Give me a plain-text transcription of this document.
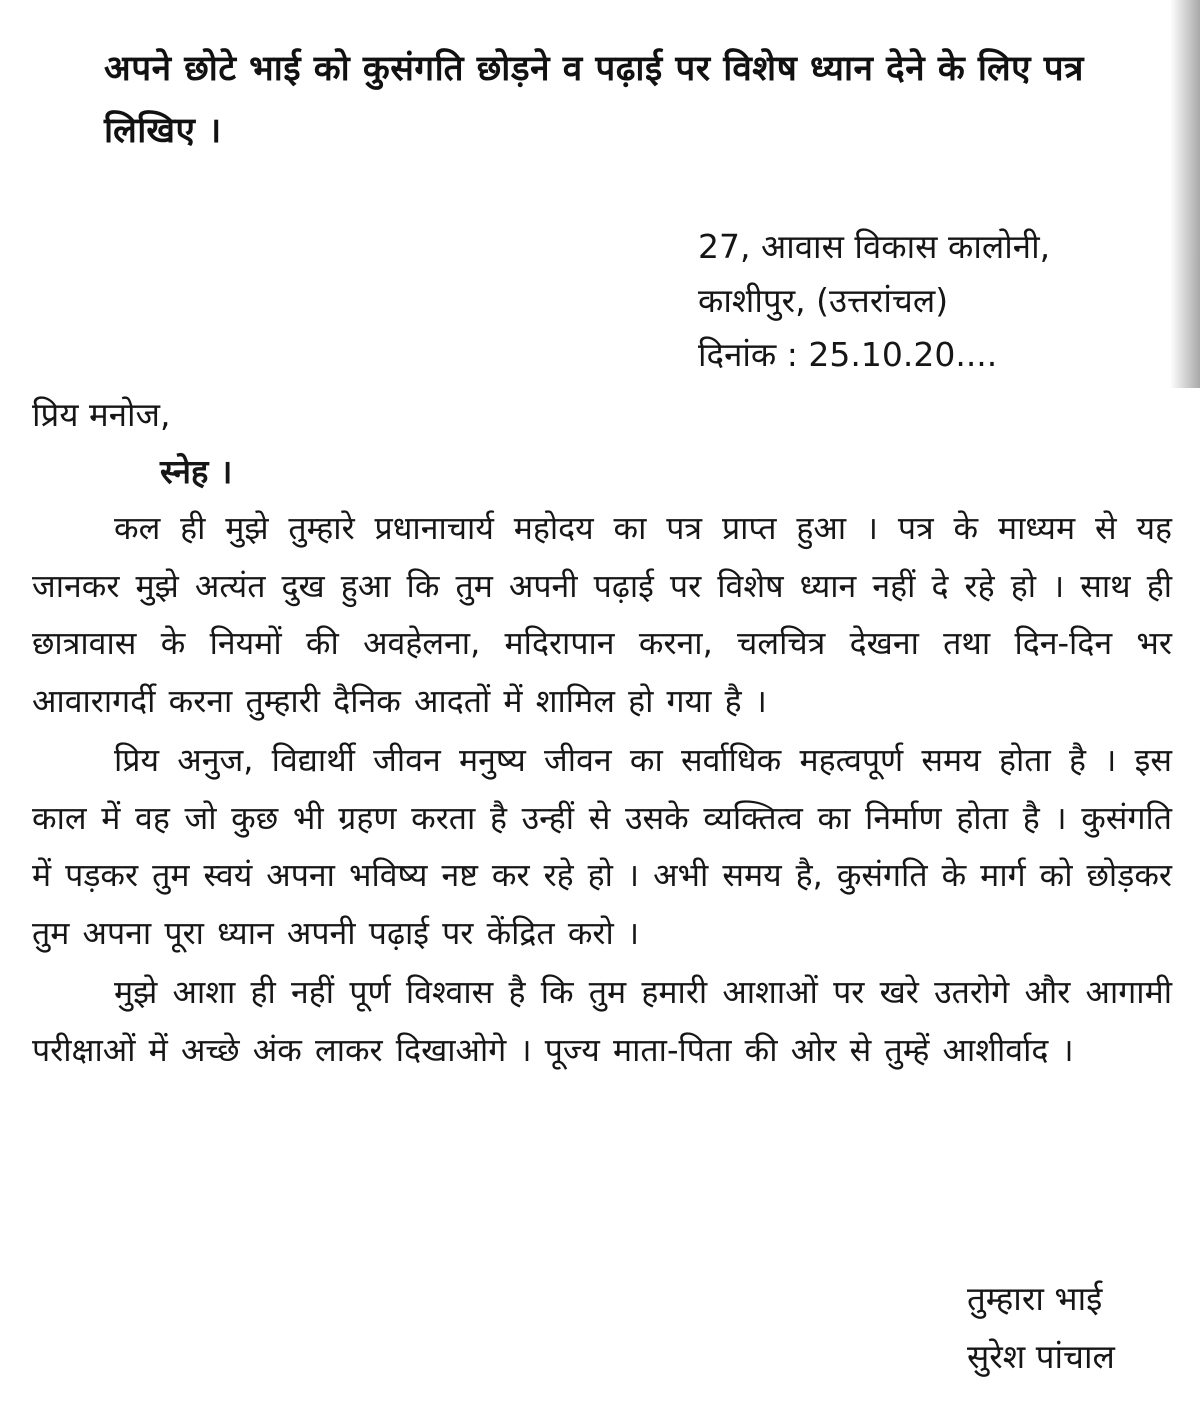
अपने छोटे भाई को कुसंगति छोड़ने व पढ़ाई पर विशेष ध्यान देने के लिए पत्र लिखिए ।
27, आवास विकास कालोनी,
काशीपुर, (उत्तरांचल)
दिनांक : 25.10.20....
प्रिय मनोज,
स्नेह ।

कल ही मुझे तुम्हारे प्रधानाचार्य महोदय का पत्र प्राप्त हुआ । पत्र के माध्यम से यह जानकर मुझे अत्यंत दुख हुआ कि तुम अपनी पढ़ाई पर विशेष ध्यान नहीं दे रहे हो । साथ ही छात्रावास के नियमों की अवहेलना, मदिरापान करना, चलचित्र देखना तथा दिन-दिन भर आवारागर्दी करना तुम्हारी दैनिक आदतों में शामिल हो गया है ।

प्रिय अनुज, विद्यार्थी जीवन मनुष्य जीवन का सर्वाधिक महत्वपूर्ण समय होता है । इस काल में वह जो कुछ भी ग्रहण करता है उन्हीं से उसके व्यक्तित्व का निर्माण होता है । कुसंगति में पड़कर तुम स्वयं अपना भविष्य नष्ट कर रहे हो । अभी समय है, कुसंगति के मार्ग को छोड़कर तुम अपना पूरा ध्यान अपनी पढ़ाई पर केंद्रित करो ।

मुझे आशा ही नहीं पूर्ण विश्वास है कि तुम हमारी आशाओं पर खरे उतरोगे और आगामी परीक्षाओं में अच्छे अंक लाकर दिखाओगे । पूज्य माता-पिता की ओर से तुम्हें आशीर्वाद ।

तुम्हारा भाई
सुरेश पांचाल
